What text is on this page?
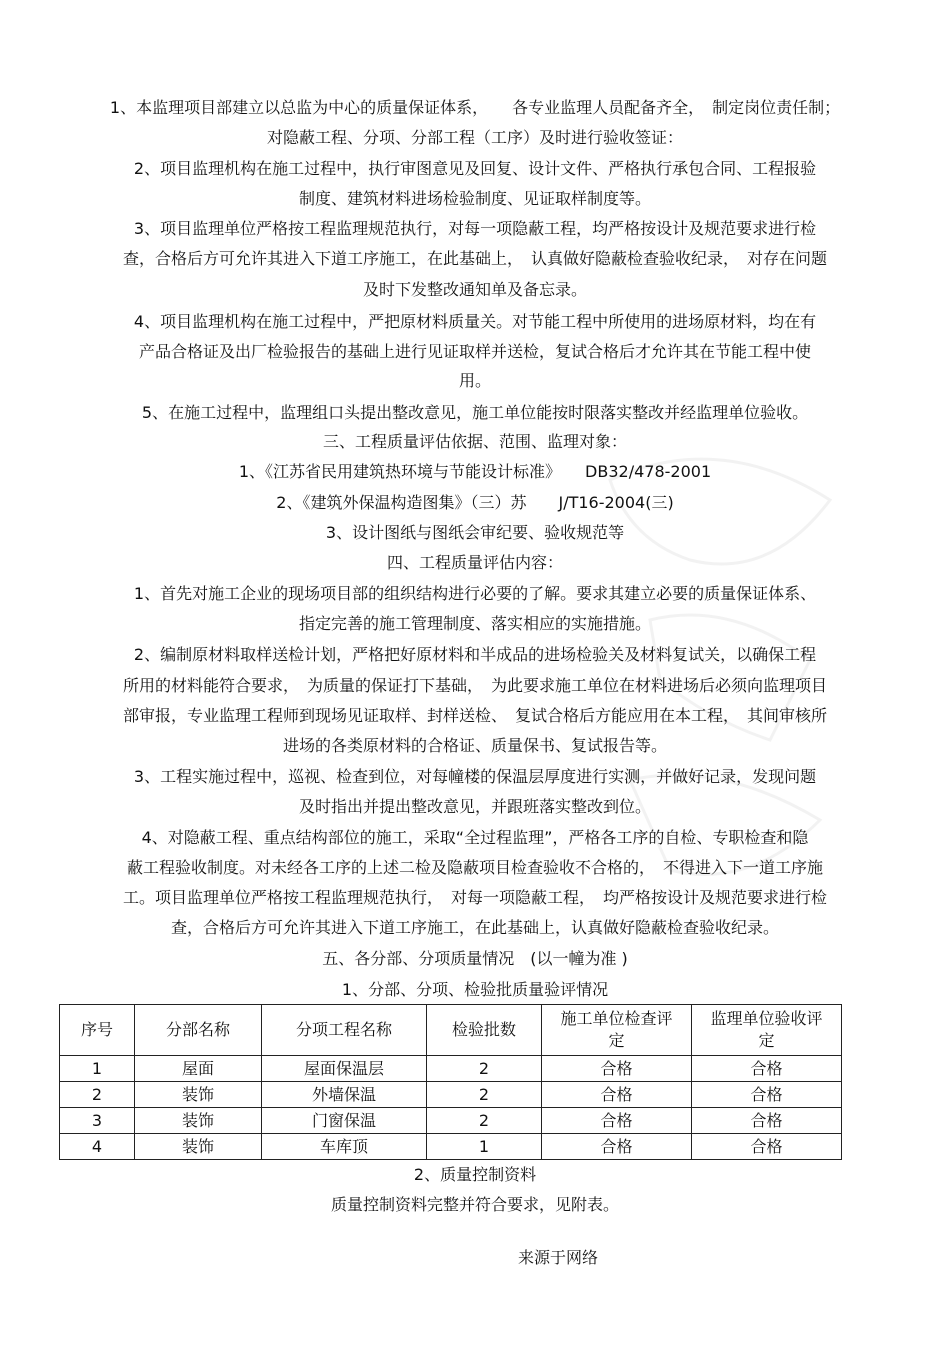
1、本监理项目部建立以总监为中心的质量保证体系，　　各专业监理人员配备齐全，　制定岗位责任制；
对隐蔽工程、分项、分部工程（工序）及时进行验收签证：
2、项目监理机构在施工过程中，执行审图意见及回复、设计文件、严格执行承包合同、工程报验
制度、建筑材料进场检验制度、见证取样制度等。
3、项目监理单位严格按工程监理规范执行，对每一项隐蔽工程，均严格按设计及规范要求进行检
查，合格后方可允许其进入下道工序施工，在此基础上，　认真做好隐蔽检查验收纪录，　对存在问题
及时下发整改通知单及备忘录。
4、项目监理机构在施工过程中，严把原材料质量关。对节能工程中所使用的进场原材料，均在有
产品合格证及出厂检验报告的基础上进行见证取样并送检，复试合格后才允许其在节能工程中使
用。
5、在施工过程中，监理组口头提出整改意见，施工单位能按时限落实整改并经监理单位验收。
三、工程质量评估依据、范围、监理对象：
1、《江苏省民用建筑热环境与节能设计标准》　　DB32/478-2001
2、《建筑外保温构造图集》（三）苏　　J/T16-2004(三)
3、设计图纸与图纸会审纪要、验收规范等
四、工程质量评估内容：
1、首先对施工企业的现场项目部的组织结构进行必要的了解。要求其建立必要的质量保证体系、
指定完善的施工管理制度、落实相应的实施措施。
2、编制原材料取样送检计划，严格把好原材料和半成品的进场检验关及材料复试关，以确保工程
所用的材料能符合要求，　为质量的保证打下基础，　为此要求施工单位在材料进场后必须向监理项目
部审报，专业监理工程师到现场见证取样、封样送检、　复试合格后方能应用在本工程，　其间审核所
进场的各类原材料的合格证、质量保书、复试报告等。
3、工程实施过程中，巡视、检查到位，对每幢楼的保温层厚度进行实测，并做好记录，发现问题
及时指出并提出整改意见，并跟班落实整改到位。
4、对隐蔽工程、重点结构部位的施工，采取“全过程监理”，严格各工序的自检、专职检查和隐
蔽工程验收制度。对未经各工序的上述二检及隐蔽项目检查验收不合格的，　不得进入下一道工序施
工。项目监理单位严格按工程监理规范执行，　对每一项隐蔽工程，　均严格按设计及规范要求进行检
查，合格后方可允许其进入下道工序施工，在此基础上，认真做好隐蔽检查验收纪录。
五、各分部、分项质量情况　(以一幢为准 )
1、分部、分项、检验批质量验评情况
序号	分部名称	分项工程名称	检验批数	施工单位检查评定	监理单位验收评定
1	屋面	屋面保温层	2	合格	合格
2	装饰	外墙保温	2	合格	合格
3	装饰	门窗保温	2	合格	合格
4	装饰	车库顶	1	合格	合格
2、质量控制资料
质量控制资料完整并符合要求，见附表。
来源于网络
